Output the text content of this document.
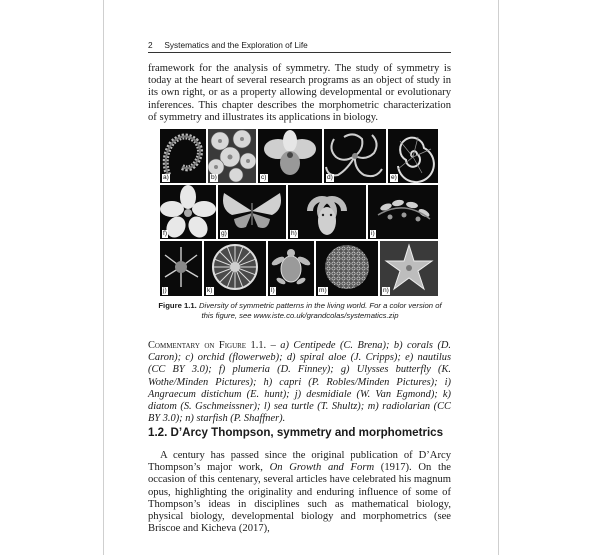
2 Systematics and the Exploration of Life

framework for the analysis of symmetry. The study of symmetry is today at the heart of several research programs as an object of study in its own right, or as a property allowing developmental or evolutionary inferences. This chapter describes the morphometric characterization of symmetry and illustrates its applications in biology.

a)	b)	c)	d)	e)
f)	g)	h)	i)
j)	k)	l)	m)	n)
Figure 1.1. Diversity of symmetric patterns in the living world. For a color version of this figure, see www.iste.co.uk/grandcolas/systematics.zip
Commentary on Figure 1.1. – a) Centipede (C. Brena); b) corals (D. Caron); c) orchid (flowerweb); d) spiral aloe (J. Cripps); e) nautilus (CC BY 3.0); f) plumeria (D. Finney); g) Ulysses butterfly (K. Wothe/Minden Pictures); h) capri (P. Robles/Minden Pictures); i) Angraecum distichum (E. hunt); j) desmidiale (W. Van Egmond); k) diatom (S. Gschmeissner); l) sea turtle (T. Shultz); m) radiolarian (CC BY 3.0); n) starfish (P. Shaffner).
1.2. D’Arcy Thompson, symmetry and morphometrics

A century has passed since the original publication of D’Arcy Thompson’s major work, On Growth and Form (1917). On the occasion of this centenary, several articles have celebrated his magnum opus, highlighting the originality and enduring influence of some of Thompson’s ideas in disciplines such as mathematical biology, physical biology, developmental biology and morphometrics (see Briscoe and Kicheva (2017),
